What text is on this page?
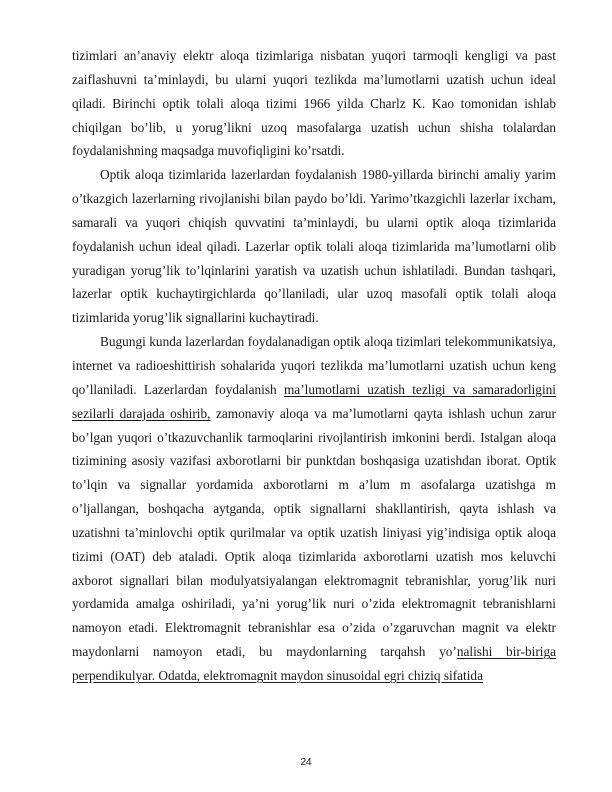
tizimlari an’anaviy elektr aloqa tizimlariga nisbatan yuqori tarmoqli kengligi va past zaiflashuvni ta’minlaydi, bu ularni yuqori tezlikda ma’lumotlarni uzatish uchun ideal qiladi. Birinchi optik tolali aloqa tizimi 1966 yilda Charlz K. Kao tomonidan ishlab chiqilgan bo’lib, u yorug’likni uzoq masofalarga uzatish uchun shisha tolalardan foydalanishning maqsadga muvofiqligini ko’rsatdi.

Optik aloqa tizimlarida lazerlardan foydalanish 1980-yillarda birinchi amaliy yarim o’tkazgich lazerlarning rivojlanishi bilan paydo bo’ldi. Yarimo’tkazgichli lazerlar ixcham, samarali va yuqori chiqish quvvatini ta’minlaydi, bu ularni optik aloqa tizimlarida foydalanish uchun ideal qiladi. Lazerlar optik tolali aloqa tizimlarida ma’lumotlarni olib yuradigan yorug’lik to’lqinlarini yaratish va uzatish uchun ishlatiladi. Bundan tashqari, lazerlar optik kuchaytirgichlarda qo’llaniladi, ular uzoq masofali optik tolali aloqa tizimlarida yorug’lik signallarini kuchaytiradi.

Bugungi kunda lazerlardan foydalanadigan optik aloqa tizimlari telekommunikatsiya, internet va radioeshittirish sohalarida yuqori tezlikda ma’lumotlarni uzatish uchun keng qo’llaniladi. Lazerlardan foydalanish ma’lumotlarni uzatish tezligi va samaradorligini sezilarli darajada oshirib, zamonaviy aloqa va ma’lumotlarni qayta ishlash uchun zarur bo’lgan yuqori o’tkazuvchanlik tarmoqlarini rivojlantirish imkonini berdi. Istalgan aloqa tizimining asosiy vazifasi axborotlarni bir punktdan boshqasiga uzatishdan iborat. Optik to’lqin va signallar yordamida axborotlarni m a’lum m asofalarga uzatishga m o’ljallangan, boshqacha aytganda, optik signallarni shakllantirish, qayta ishlash va uzatishni ta’minlovchi optik qurilmalar va optik uzatish liniyasi yig’indisiga optik aloqa tizimi (OAT) deb ataladi. Optik aloqa tizimlarida axborotlarni uzatish mos keluvchi axborot signallari bilan modulyatsiyalangan elektromagnit tebranishlar, yorug’lik nuri yordamida amalga oshiriladi, ya’ni yorug’lik nuri o’zida elektromagnit tebranishlarni namoyon etadi. Elektromagnit tebranishlar esa o’zida o’zgaruvchan magnit va elektr maydonlarni namoyon etadi, bu maydonlarning tarqahsh yo’nalishi bir-biriga perpendikulyar. Odatda, elektromagnit maydon sinusoidal egri chiziq sifatida

24
